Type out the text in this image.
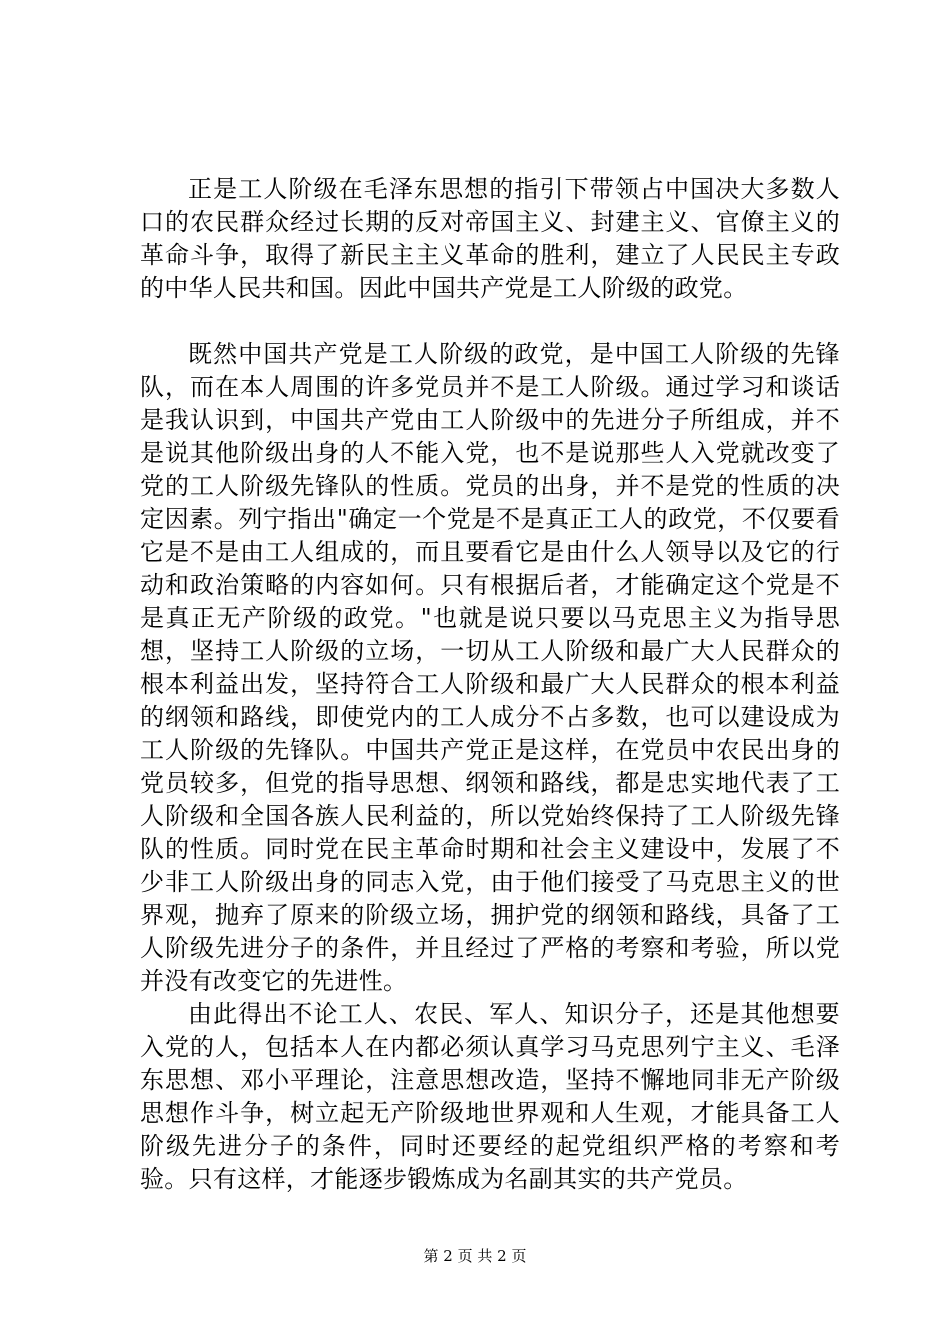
正是工人阶级在毛泽东思想的指引下带领占中国决大多数人口的农民群众经过长期的反对帝国主义、封建主义、官僚主义的革命斗争，取得了新民主主义革命的胜利，建立了人民民主专政的中华人民共和国。因此中国共产党是工人阶级的政党。

既然中国共产党是工人阶级的政党，是中国工人阶级的先锋队，而在本人周围的许多党员并不是工人阶级。通过学习和谈话是我认识到，中国共产党由工人阶级中的先进分子所组成，并不是说其他阶级出身的人不能入党，也不是说那些人入党就改变了党的工人阶级先锋队的性质。党员的出身，并不是党的性质的决定因素。列宁指出"确定一个党是不是真正工人的政党，不仅要看它是不是由工人组成的，而且要看它是由什么人领导以及它的行动和政治策略的内容如何。只有根据后者，才能确定这个党是不是真正无产阶级的政党。"也就是说只要以马克思主义为指导思想，坚持工人阶级的立场，一切从工人阶级和最广大人民群众的根本利益出发，坚持符合工人阶级和最广大人民群众的根本利益的纲领和路线，即使党内的工人成分不占多数，也可以建设成为工人阶级的先锋队。中国共产党正是这样，在党员中农民出身的党员较多，但党的指导思想、纲领和路线，都是忠实地代表了工人阶级和全国各族人民利益的，所以党始终保持了工人阶级先锋队的性质。同时党在民主革命时期和社会主义建设中，发展了不少非工人阶级出身的同志入党，由于他们接受了马克思主义的世界观，抛弃了原来的阶级立场，拥护党的纲领和路线，具备了工人阶级先进分子的条件，并且经过了严格的考察和考验，所以党并没有改变它的先进性。

由此得出不论工人、农民、军人、知识分子，还是其他想要入党的人，包括本人在内都必须认真学习马克思列宁主义、毛泽东思想、邓小平理论，注意思想改造，坚持不懈地同非无产阶级思想作斗争，树立起无产阶级地世界观和人生观，才能具备工人阶级先进分子的条件，同时还要经的起党组织严格的考察和考验。只有这样，才能逐步锻炼成为名副其实的共产党员。

第 2 页 共 2 页
